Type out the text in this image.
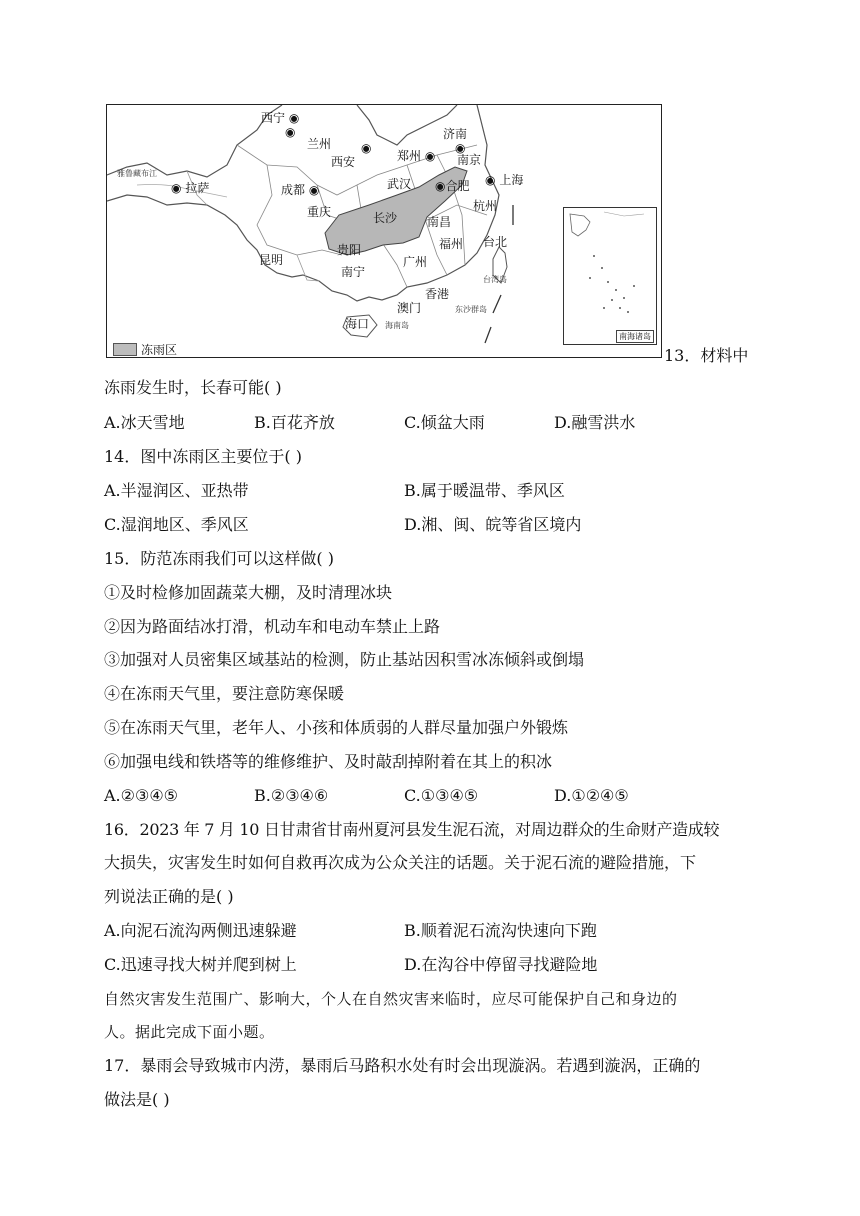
西宁 ◉
◉
兰州
西安
◉
郑州 ◉
济南
◉
南京
◉ 上海
◉合肥
武汉
杭州
成都 ◉
◉ 拉萨
重庆	长沙 南昌
贵阳	福州 台北
昆明	广州
南宁
香港
澳门
海口
雅鲁藏布江
台湾岛
东沙群岛
海南岛
南海诸岛
冻雨区	13．材料中
冻雨发生时，长春可能( )
A.冰天雪地	B.百花齐放	C.倾盆大雨	D.融雪洪水
14．图中冻雨区主要位于( )
A.半湿润区、亚热带	B.属于暖温带、季风区
C.湿润地区、季风区	D.湘、闽、皖等省区境内
15．防范冻雨我们可以这样做( )
①及时检修加固蔬菜大棚，及时清理冰块
②因为路面结冰打滑，机动车和电动车禁止上路
③加强对人员密集区域基站的检测，防止基站因积雪冰冻倾斜或倒塌
④在冻雨天气里，要注意防寒保暖
⑤在冻雨天气里，老年人、小孩和体质弱的人群尽量加强户外锻炼
⑥加强电线和铁塔等的维修维护、及时敲刮掉附着在其上的积冰
A.②③④⑤	B.②③④⑥	C.①③④⑤	D.①②④⑤
16．2023 年 7 月 10 日甘肃省甘南州夏河县发生泥石流，对周边群众的生命财产造成较
大损失，灾害发生时如何自救再次成为公众关注的话题。关于泥石流的避险措施，下
列说法正确的是( )
A.向泥石流沟两侧迅速躲避	B.顺着泥石流沟快速向下跑
C.迅速寻找大树并爬到树上	D.在沟谷中停留寻找避险地
自然灾害发生范围广、影响大，个人在自然灾害来临时，应尽可能保护自己和身边的
人。据此完成下面小题。
17．暴雨会导致城市内涝，暴雨后马路积水处有时会出现漩涡。若遇到漩涡，正确的
做法是( )
